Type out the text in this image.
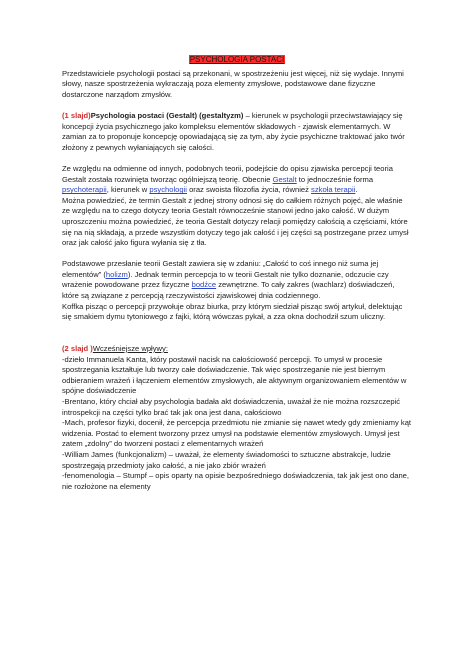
PSYCHOLOGIA POSTACI

Przedstawiciele psychologii postaci są przekonani, w spostrzeżeniu jest więcej, niż się wydaje. Innymi słowy, nasze spostrzeżenia wykraczają poza elementy zmysłowe, podstawowe dane fizyczne dostarczone narządom zmysłów.

(1 slajd)Psychologia postaci (Gestalt) (gestaltyzm) – kierunek w psychologii przeciwstawiający się koncepcji życia psychicznego jako kompleksu elementów składowych - zjawisk elementarnych. W zamian za to proponuje koncepcję opowiadającą się za tym, aby życie psychiczne traktować jako twór złożony z pewnych wyłaniających się całości.

Ze względu na odmienne od innych, podobnych teorii, podejście do opisu zjawiska percepcji teoria Gestalt została rozwinięta tworząc ogólniejszą teorię. Obecnie Gestalt to jednocześnie forma psychoterapii, kierunek w psychologii oraz swoista filozofia życia, również szkoła terapii.

Można powiedzieć, że termin Gestalt z jednej strony odnosi się do całkiem różnych pojęć, ale właśnie ze względu na to czego dotyczy teoria Gestalt równocześnie stanowi jedno jako całość. W dużym uproszczeniu można powiedzieć, że teoria Gestalt dotyczy relacji pomiędzy całością a częściami, które się na nią składają, a przede wszystkim dotyczy tego jak całość i jej części są postrzegane przez umysł oraz jak całość jako figura wyłania się z tła.

Podstawowe przesłanie teorii Gestalt zawiera się w zdaniu: „Całość to coś innego niż suma jej elementów” (holizm). Jednak termin percepcja to w teorii Gestalt nie tylko doznanie, odczucie czy wrażenie powodowane przez fizyczne bodźce zewnętrzne. To cały zakres (wachlarz) doświadczeń, które są związane z percepcją rzeczywistości zjawiskowej dnia codziennego.

Koffka pisząc o percepcji przywołuje obraz biurka, przy którym siedział pisząc swój artykuł, delektując się smakiem dymu tytoniowego z fajki, którą wówczas pykał, a zza okna dochodził szum uliczny.

(2 slajd )Wcześniejsze wpływy:
-dzieło Immanuela Kanta, który postawił nacisk na całościowość percepcji. To umysł w procesie spostrzegania kształtuje lub tworzy całe doświadczenie. Tak więc spostrzeganie nie jest biernym odbieraniem wrażeń i łączeniem elementów zmysłowych, ale aktywnym organizowaniem elementów w spójne doświadczenie
-Brentano, który chciał aby psychologia badała akt doświadczenia, uważał że nie można rozszczepić introspekcji na części tylko brać tak jak ona jest dana, całościowo
-Mach, profesor fizyki, docenił, że percepcja przedmiotu nie zmianie się nawet wtedy gdy zmieniamy kąt widzenia. Postać to element tworzony przez umysł na podstawie elementów zmysłowych. Umysł jest zatem „zdolny” do tworzeni postaci z elementarnych wrażeń
-William James (funkcjonalizm) – uważał, że elementy świadomości to sztuczne abstrakcje, ludzie spostrzegają przedmioty jako całość, a nie jako zbiór wrażeń
-fenomenologia – Stumpf – opis oparty na opisie bezpośredniego doświadczenia, tak jak jest ono dane, nie rozłożone na elementy
